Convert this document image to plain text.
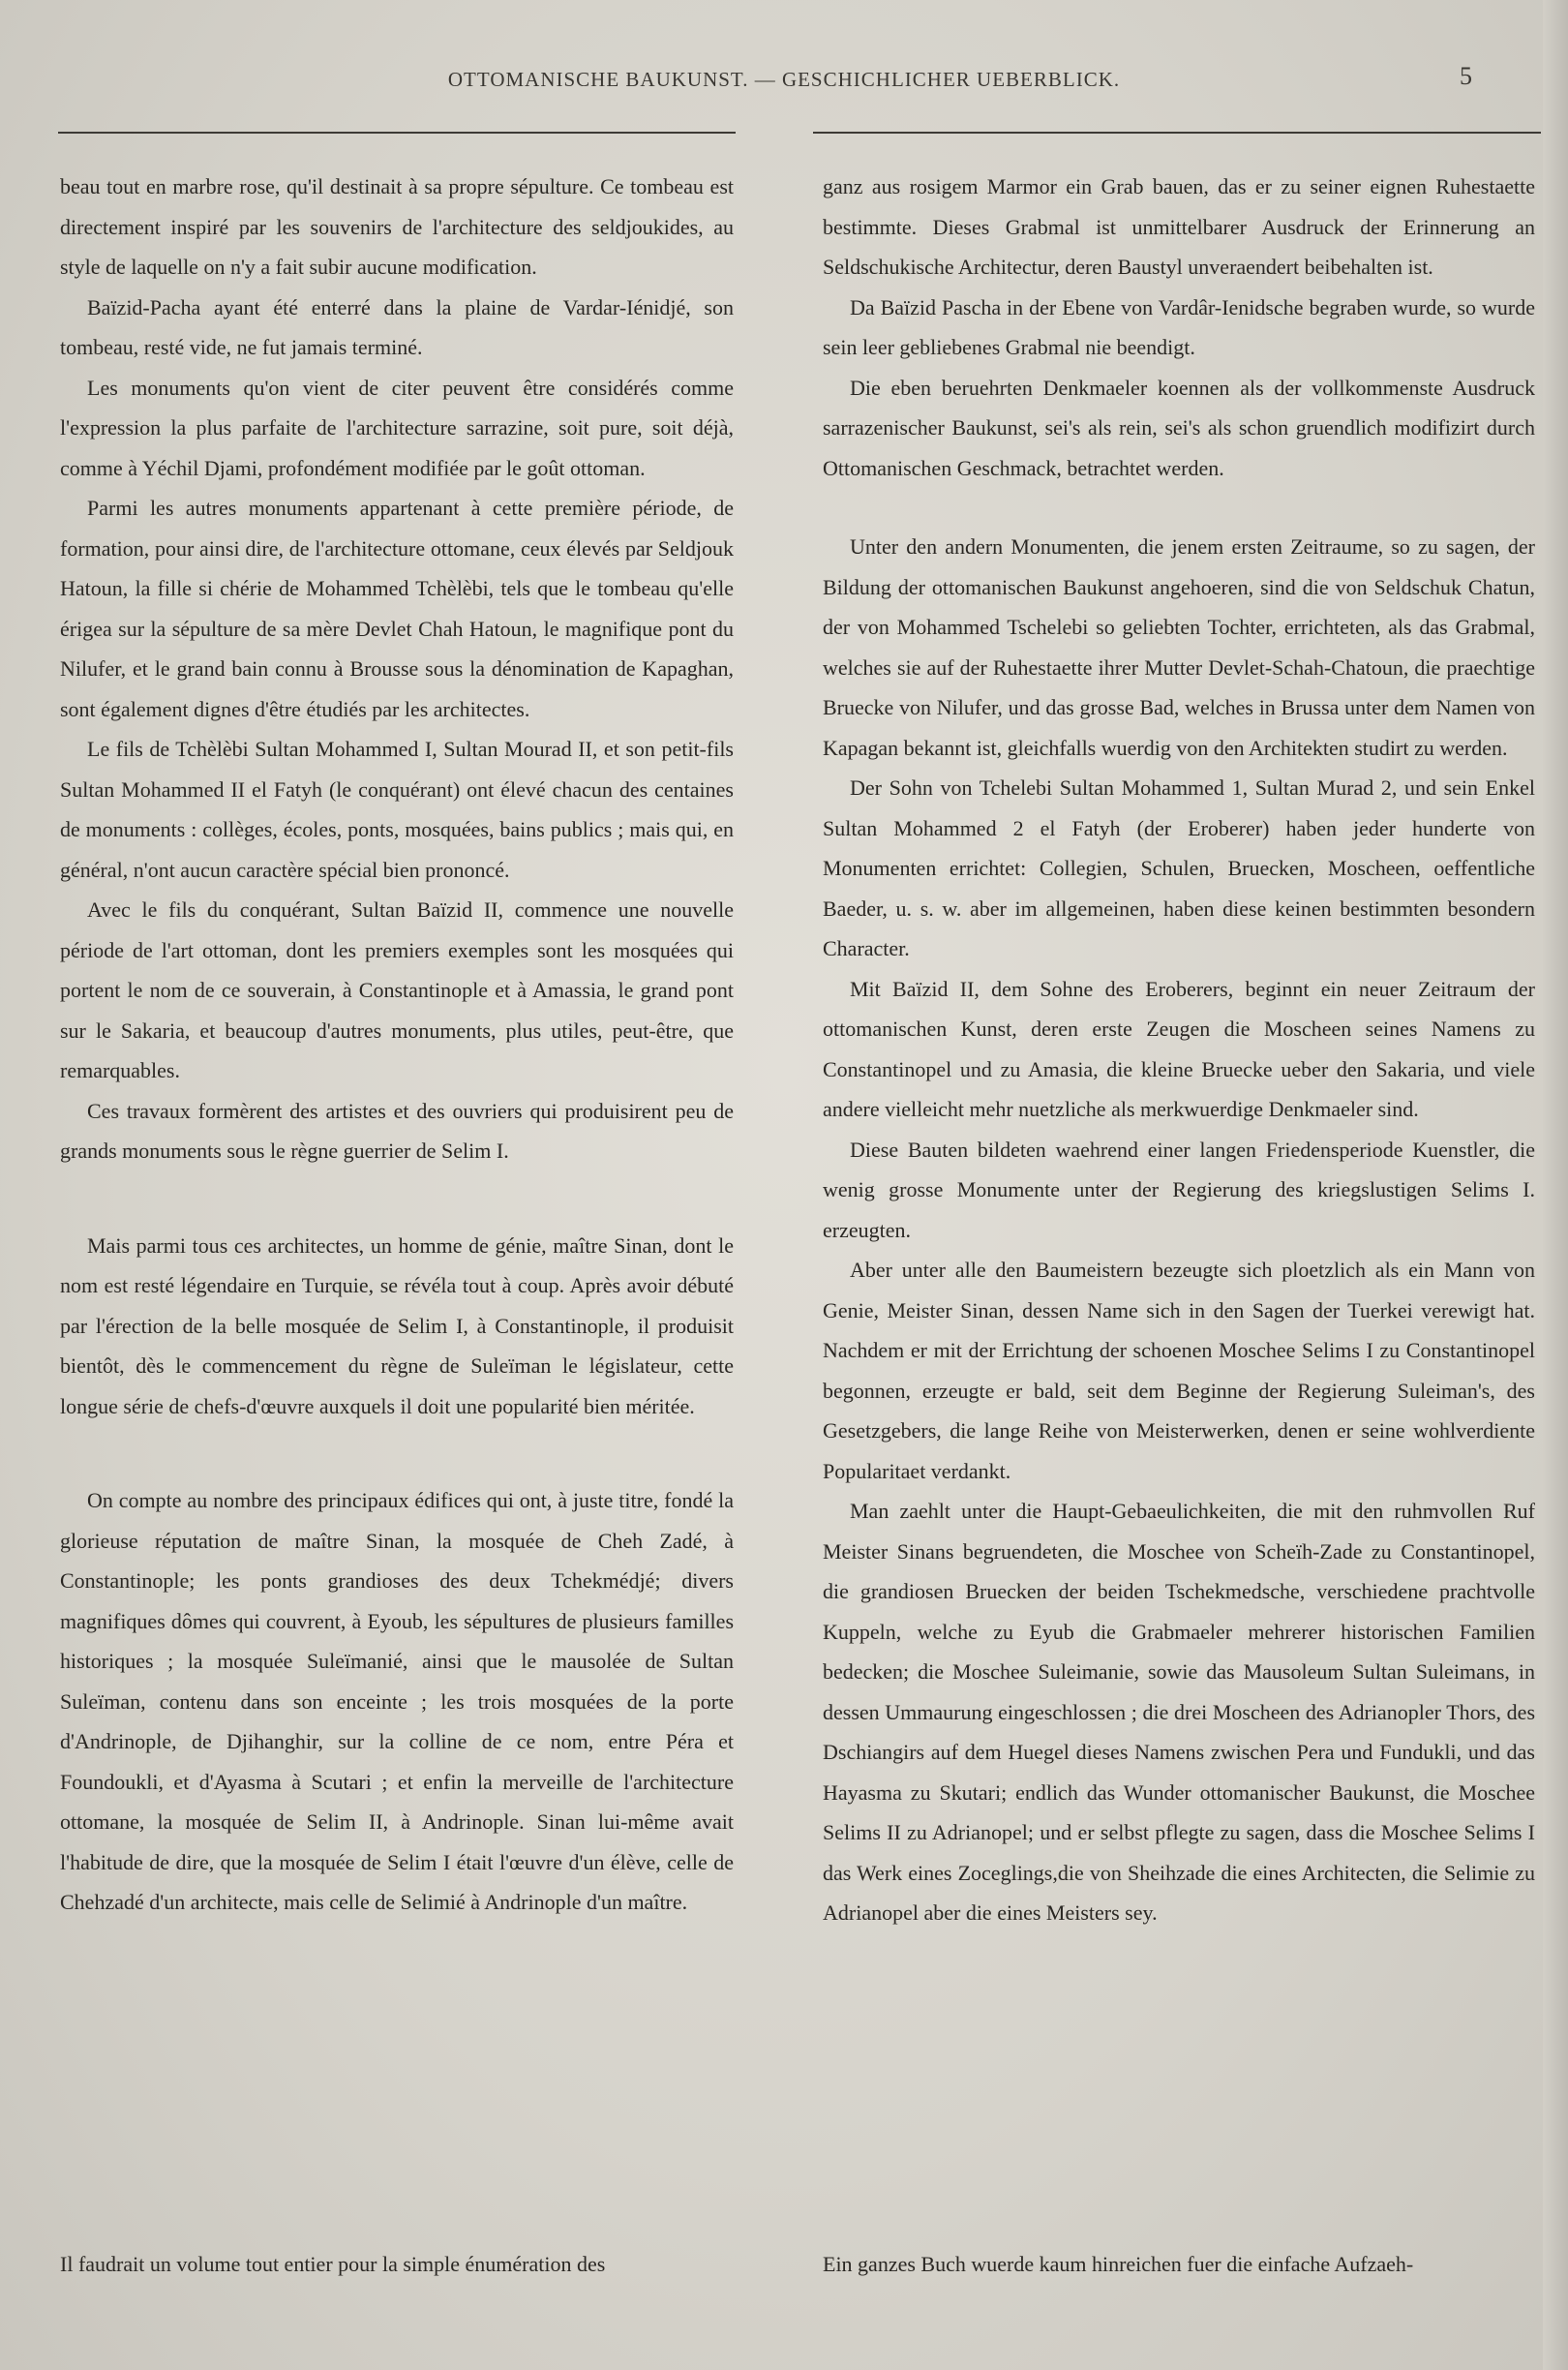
OTTOMANISCHE BAUKUNST. — GESCHICHLICHER UEBERBLICK.	5

beau tout en marbre rose, qu'il destinait à sa propre sépulture. Ce tombeau est directement inspiré par les souvenirs de l'architecture des seldjoukides, au style de laquelle on n'y a fait subir aucune modification.

Baïzid-Pacha ayant été enterré dans la plaine de Vardar-Iénidjé, son tombeau, resté vide, ne fut jamais terminé.

Les monuments qu'on vient de citer peuvent être considérés comme l'expression la plus parfaite de l'architecture sarrazine, soit pure, soit déjà, comme à Yéchil Djami, profondément modifiée par le goût ottoman.

Parmi les autres monuments appartenant à cette première période, de formation, pour ainsi dire, de l'architecture ottomane, ceux élevés par Seldjouk Hatoun, la fille si chérie de Mohammed Tchèlèbi, tels que le tombeau qu'elle érigea sur la sépulture de sa mère Devlet Chah Hatoun, le magnifique pont du Nilufer, et le grand bain connu à Brousse sous la dénomination de Kapaghan, sont également dignes d'être étudiés par les architectes.

Le fils de Tchèlèbi Sultan Mohammed I, Sultan Mourad II, et son petit-fils Sultan Mohammed II el Fatyh (le conquérant) ont élevé chacun des centaines de monuments : collèges, écoles, ponts, mosquées, bains publics ; mais qui, en général, n'ont aucun caractère spécial bien prononcé.

Avec le fils du conquérant, Sultan Baïzid II, commence une nouvelle période de l'art ottoman, dont les premiers exemples sont les mosquées qui portent le nom de ce souverain, à Constantinople et à Amassia, le grand pont sur le Sakaria, et beaucoup d'autres monuments, plus utiles, peut-être, que remarquables.

Ces travaux formèrent des artistes et des ouvriers qui produisirent peu de grands monuments sous le règne guerrier de Selim I.

Mais parmi tous ces architectes, un homme de génie, maître Sinan, dont le nom est resté légendaire en Turquie, se révéla tout à coup. Après avoir débuté par l'érection de la belle mosquée de Selim I, à Constantinople, il produisit bientôt, dès le commencement du règne de Suleïman le législateur, cette longue série de chefs-d'œuvre auxquels il doit une popularité bien méritée.

On compte au nombre des principaux édifices qui ont, à juste titre, fondé la glorieuse réputation de maître Sinan, la mosquée de Cheh Zadé, à Constantinople; les ponts grandioses des deux Tchekmédjé; divers magnifiques dômes qui couvrent, à Eyoub, les sépultures de plusieurs familles historiques ; la mosquée Suleïmanié, ainsi que le mausolée de Sultan Suleïman, contenu dans son enceinte ; les trois mosquées de la porte d'Andrinople, de Djihanghir, sur la colline de ce nom, entre Péra et Foundoukli, et d'Ayasma à Scutari ; et enfin la merveille de l'architecture ottomane, la mosquée de Selim II, à Andrinople. Sinan lui-même avait l'habitude de dire, que la mosquée de Selim I était l'œuvre d'un élève, celle de Chehzadé d'un architecte, mais celle de Selimié à Andrinople d'un maître.

ganz aus rosigem Marmor ein Grab bauen, das er zu seiner eignen Ruhestaette bestimmte. Dieses Grabmal ist unmittelbarer Ausdruck der Erinnerung an Seldschukische Architectur, deren Baustyl unveraendert beibehalten ist.

Da Baïzid Pascha in der Ebene von Vardâr-Ienidsche begraben wurde, so wurde sein leer gebliebenes Grabmal nie beendigt.

Die eben beruehrten Denkmaeler koennen als der vollkommenste Ausdruck sarrazenischer Baukunst, sei's als rein, sei's als schon gruendlich modifizirt durch Ottomanischen Geschmack, betrachtet werden.

Unter den andern Monumenten, die jenem ersten Zeitraume, so zu sagen, der Bildung der ottomanischen Baukunst angehoeren, sind die von Seldschuk Chatun, der von Mohammed Tschelebi so geliebten Tochter, errichteten, als das Grabmal, welches sie auf der Ruhestaette ihrer Mutter Devlet-Schah-Chatoun, die praechtige Bruecke von Nilufer, und das grosse Bad, welches in Brussa unter dem Namen von Kapagan bekannt ist, gleichfalls wuerdig von den Architekten studirt zu werden.

Der Sohn von Tchelebi Sultan Mohammed 1, Sultan Murad 2, und sein Enkel Sultan Mohammed 2 el Fatyh (der Eroberer) haben jeder hunderte von Monumenten errichtet: Collegien, Schulen, Bruecken, Moscheen, oeffentliche Baeder, u. s. w. aber im allgemeinen, haben diese keinen bestimmten besondern Character.

Mit Baïzid II, dem Sohne des Eroberers, beginnt ein neuer Zeitraum der ottomanischen Kunst, deren erste Zeugen die Moscheen seines Namens zu Constantinopel und zu Amasia, die kleine Bruecke ueber den Sakaria, und viele andere vielleicht mehr nuetzliche als merkwuerdige Denkmaeler sind.

Diese Bauten bildeten waehrend einer langen Friedensperiode Kuenstler, die wenig grosse Monumente unter der Regierung des kriegslustigen Selims I. erzeugten.

Aber unter alle den Baumeistern bezeugte sich ploetzlich als ein Mann von Genie, Meister Sinan, dessen Name sich in den Sagen der Tuerkei verewigt hat. Nachdem er mit der Errichtung der schoenen Moschee Selims I zu Constantinopel begonnen, erzeugte er bald, seit dem Beginne der Regierung Suleiman's, des Gesetzgebers, die lange Reihe von Meisterwerken, denen er seine wohlverdiente Popularitaet verdankt.

Man zaehlt unter die Haupt-Gebaeulichkeiten, die mit den ruhmvollen Ruf Meister Sinans begruendeten, die Moschee von Scheïh-Zade zu Constantinopel, die grandiosen Bruecken der beiden Tschekmedsche, verschiedene prachtvolle Kuppeln, welche zu Eyub die Grabmaeler mehrerer historischen Familien bedecken; die Moschee Suleimanie, sowie das Mausoleum Sultan Suleimans, in dessen Ummaurung eingeschlossen ; die drei Moscheen des Adrianopler Thors, des Dschiangirs auf dem Huegel dieses Namens zwischen Pera und Fundukli, und das Hayasma zu Skutari; endlich das Wunder ottomanischer Baukunst, die Moschee Selims II zu Adrianopel; und er selbst pflegte zu sagen, dass die Moschee Selims I das Werk eines Zoceglings,die von Sheihzade die eines Architecten, die Selimie zu Adrianopel aber die eines Meisters sey.

Il faudrait un volume tout entier pour la simple énumération des	Ein ganzes Buch wuerde kaum hinreichen fuer die einfache Aufzaeh-
